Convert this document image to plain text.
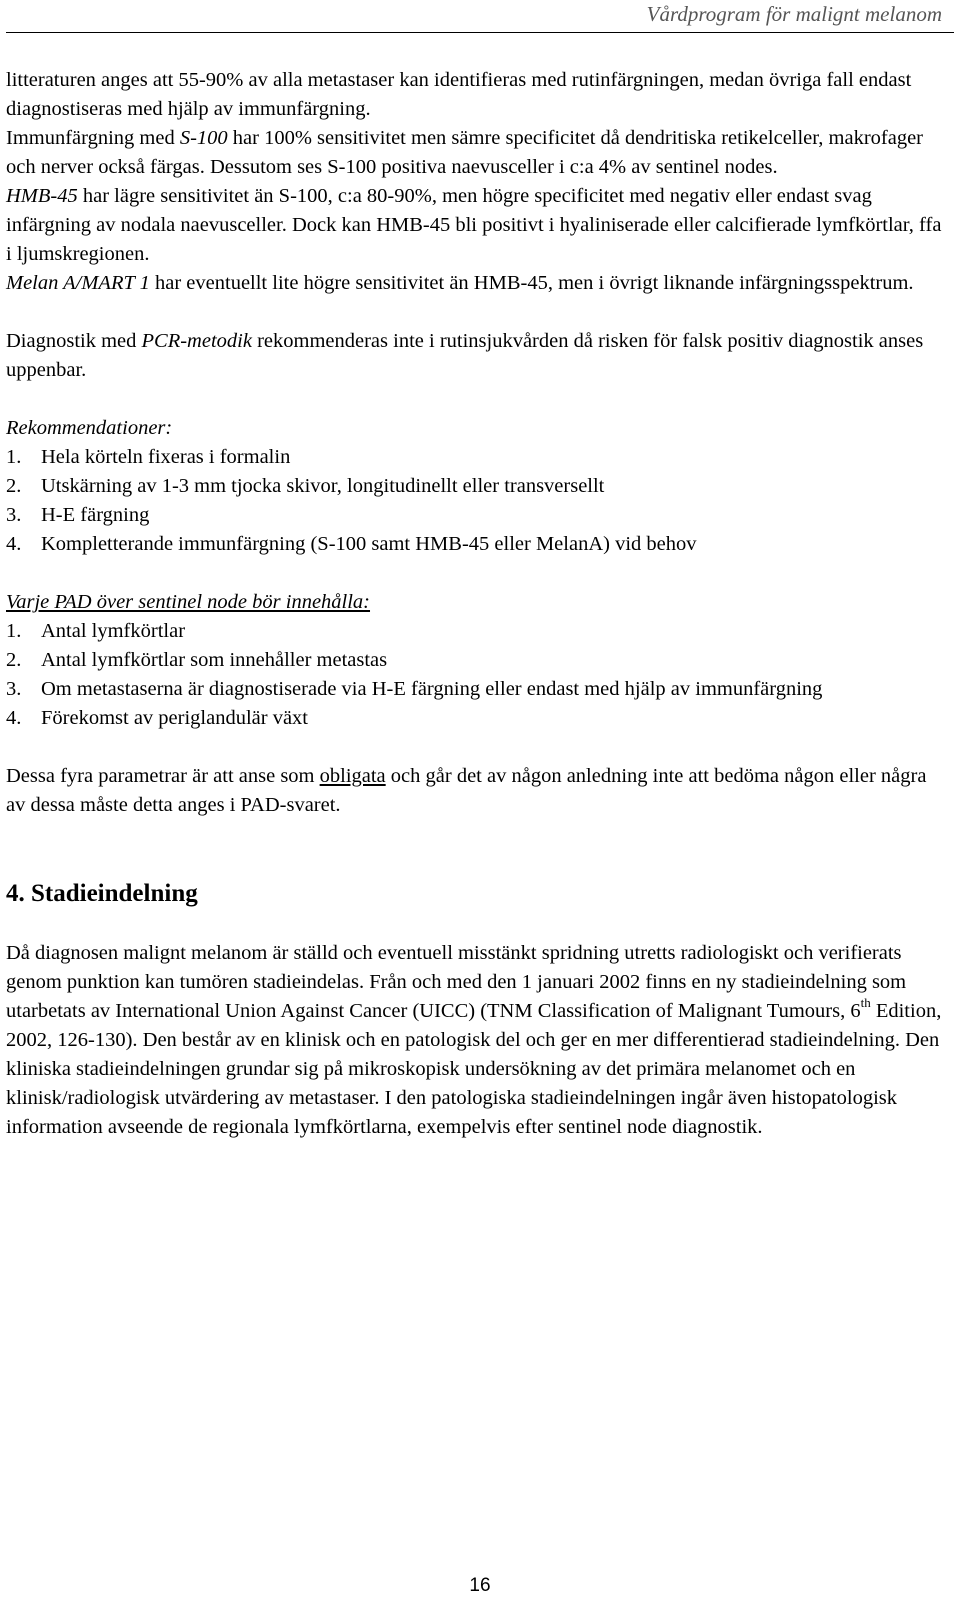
Vårdprogram för malignt melanom

litteraturen anges att 55-90% av alla metastaser kan identifieras med rutinfärgningen, medan övriga fall endast diagnostiseras med hjälp av immunfärgning.
Immunfärgning med S-100 har 100% sensitivitet men sämre specificitet då dendritiska retikelceller, makrofager och nerver också färgas. Dessutom ses S-100 positiva naevusceller i c:a 4% av sentinel nodes.
HMB-45 har lägre sensitivitet än S-100, c:a 80-90%, men högre specificitet med negativ eller endast svag infärgning av nodala naevusceller. Dock kan HMB-45 bli positivt i hyaliniserade eller calcifierade lymfkörtlar, ffa i ljumskregionen.
Melan A/MART 1 har eventuellt lite högre sensitivitet än HMB-45, men i övrigt liknande infärgningsspektrum.

Diagnostik med PCR-metodik rekommenderas inte i rutinsjukvården då risken för falsk positiv diagnostik anses uppenbar.

Rekommendationer:

1. Hela körteln fixeras i formalin
2. Utskärning av 1-3 mm tjocka skivor, longitudinellt eller transversellt
3. H-E färgning
4. Kompletterande immunfärgning (S-100 samt HMB-45 eller MelanA) vid behov

Varje PAD över sentinel node bör innehålla:

1. Antal lymfkörtlar
2. Antal lymfkörtlar som innehåller metastas
3. Om metastaserna är diagnostiserade via H-E färgning eller endast med hjälp av immunfärgning
4. Förekomst av periglandulär växt

Dessa fyra parametrar är att anse som obligata och går det av någon anledning inte att bedöma någon eller några av dessa måste detta anges i PAD-svaret.

4. Stadieindelning

Då diagnosen malignt melanom är ställd och eventuell misstänkt spridning utretts radiologiskt och verifierats genom punktion kan tumören stadieindelas. Från och med den 1 januari 2002 finns en ny stadieindelning som utarbetats av International Union Against Cancer (UICC) (TNM Classification of Malignant Tumours, 6th Edition, 2002, 126-130). Den består av en klinisk och en patologisk del och ger en mer differentierad stadieindelning. Den kliniska stadieindelningen grundar sig på mikroskopisk undersökning av det primära melanomet och en klinisk/radiologisk utvärdering av metastaser. I den patologiska stadieindelningen ingår även histopatologisk information avseende de regionala lymfkörtlarna, exempelvis efter sentinel node diagnostik.

16
